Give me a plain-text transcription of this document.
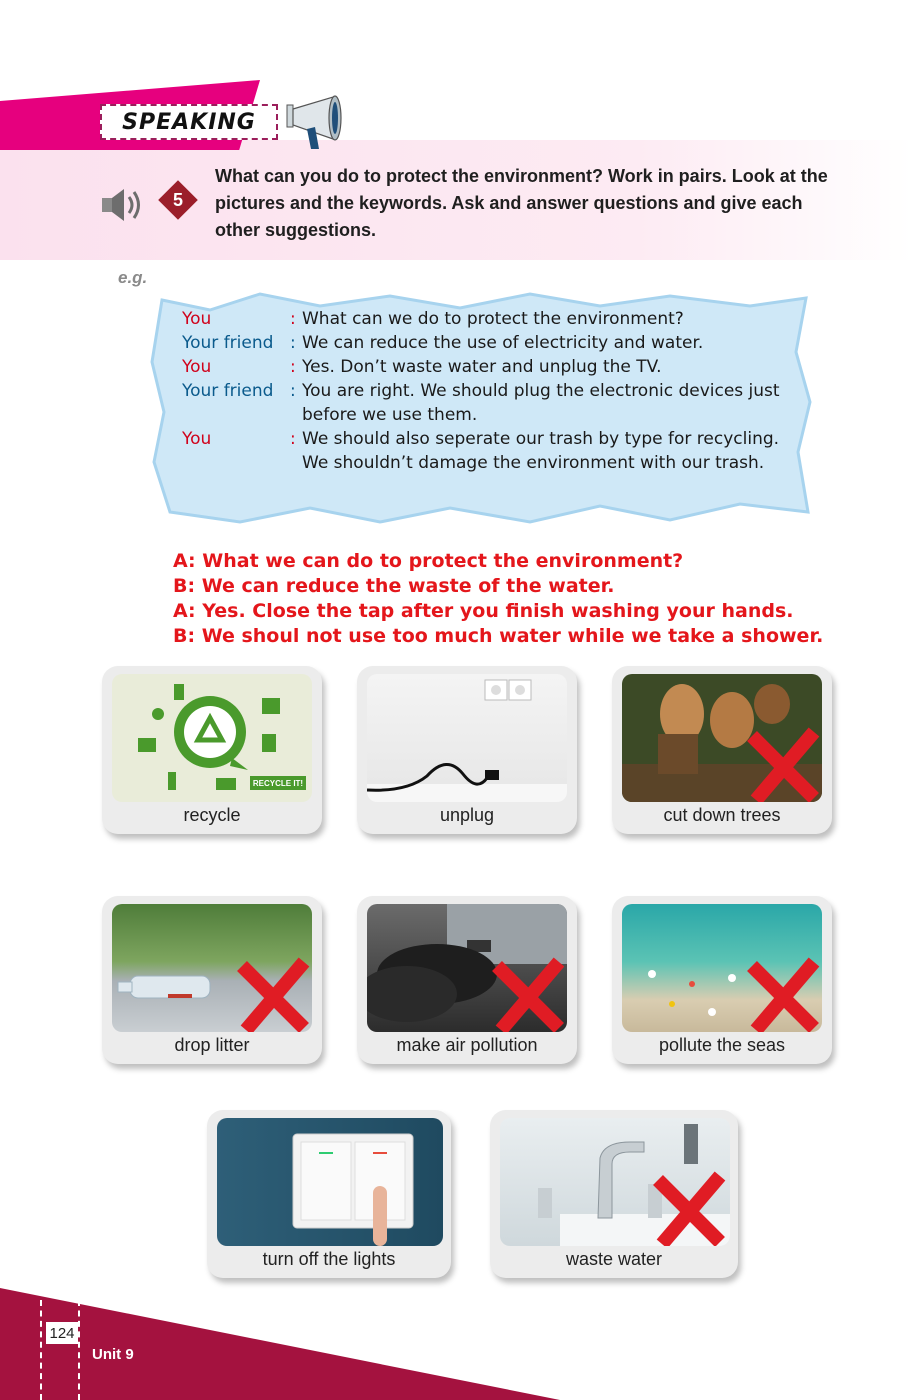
SPEAKING
5
What can you do to protect the environment? Work in pairs. Look at the pictures and the keywords. Ask and answer questions and give each other suggestions.
e.g.
You	: What can we do to protect the environment?
Your friend : We can reduce the use of electricity and water.
You	: Yes. Don’t waste water and unplug the TV.
Your friend : You are right. We should plug the electronic devices just before we use them.
You	: We should also seperate our trash by type for recycling. We shouldn’t damage the environment with our trash.
A: What we can do to protect the environment?
B: We can reduce the waste of the water.
A: Yes. Close the tap after you finish washing your hands.
B: We shoul not use too much water while we take a shower.
RECYCLE IT!
recycle	unplug	cut down trees
drop litter	make air pollution	pollute the seas
turn off the lights	waste water
124
Unit 9
